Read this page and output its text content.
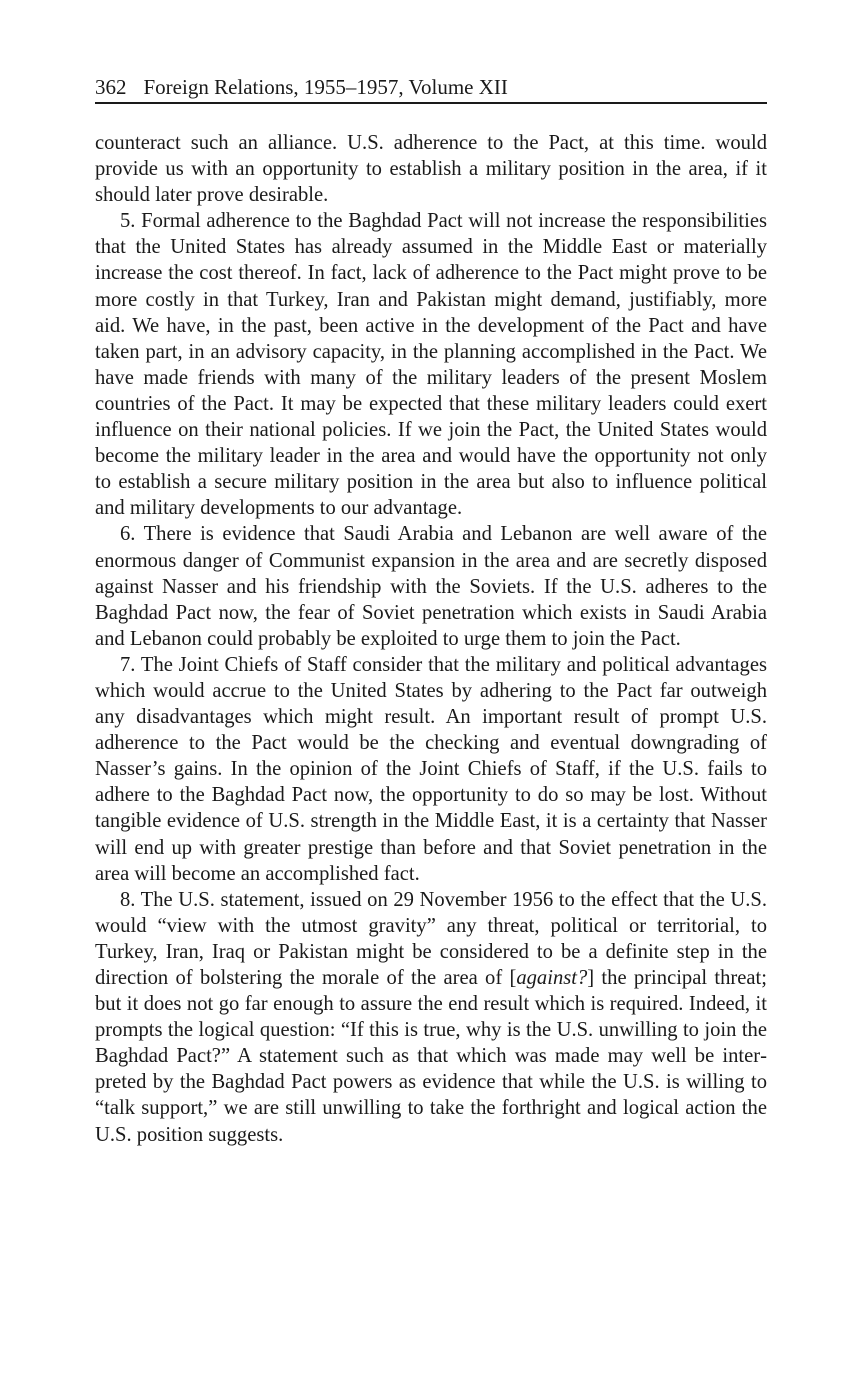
362 Foreign Relations, 1955–1957, Volume XII

counteract such an alliance. U.S. adherence to the Pact, at this time. would provide us with an opportunity to establish a military position in the area, if it should later prove desirable.

5. Formal adherence to the Baghdad Pact will not increase the responsibilities that the United States has already assumed in the Middle East or materially increase the cost thereof. In fact, lack of adherence to the Pact might prove to be more costly in that Turkey, Iran and Pakistan might demand, justifiably, more aid. We have, in the past, been active in the development of the Pact and have taken part, in an advisory capacity, in the planning accomplished in the Pact. We have made friends with many of the military leaders of the present Moslem countries of the Pact. It may be expected that these military leaders could exert influence on their national policies. If we join the Pact, the United States would become the military leader in the area and would have the opportunity not only to establish a secure military position in the area but also to influence political and military developments to our advantage.

6. There is evidence that Saudi Arabia and Lebanon are well aware of the enormous danger of Communist expansion in the area and are secretly disposed against Nasser and his friendship with the Soviets. If the U.S. adheres to the Baghdad Pact now, the fear of Soviet penetration which exists in Saudi Arabia and Lebanon could probably be exploited to urge them to join the Pact.

7. The Joint Chiefs of Staff consider that the military and political advantages which would accrue to the United States by adhering to the Pact far outweigh any disadvantages which might result. An important result of prompt U.S. adherence to the Pact would be the checking and eventual downgrading of Nasser’s gains. In the opinion of the Joint Chiefs of Staff, if the U.S. fails to adhere to the Baghdad Pact now, the opportunity to do so may be lost. Without tangible evidence of U.S. strength in the Middle East, it is a certainty that Nasser will end up with greater prestige than before and that Soviet penetration in the area will become an accomplished fact.

8. The U.S. statement, issued on 29 November 1956 to the effect that the U.S. would “view with the utmost gravity” any threat, political or territorial, to Turkey, Iran, Iraq or Pakistan might be considered to be a definite step in the direction of bolstering the morale of the area of [against?] the principal threat; but it does not go far enough to assure the end result which is required. Indeed, it prompts the logical question: “If this is true, why is the U.S. unwilling to join the Baghdad Pact?” A statement such as that which was made may well be interpreted by the Baghdad Pact powers as evidence that while the U.S. is willing to “talk support,” we are still unwilling to take the forthright and logical action the U.S. position suggests.
